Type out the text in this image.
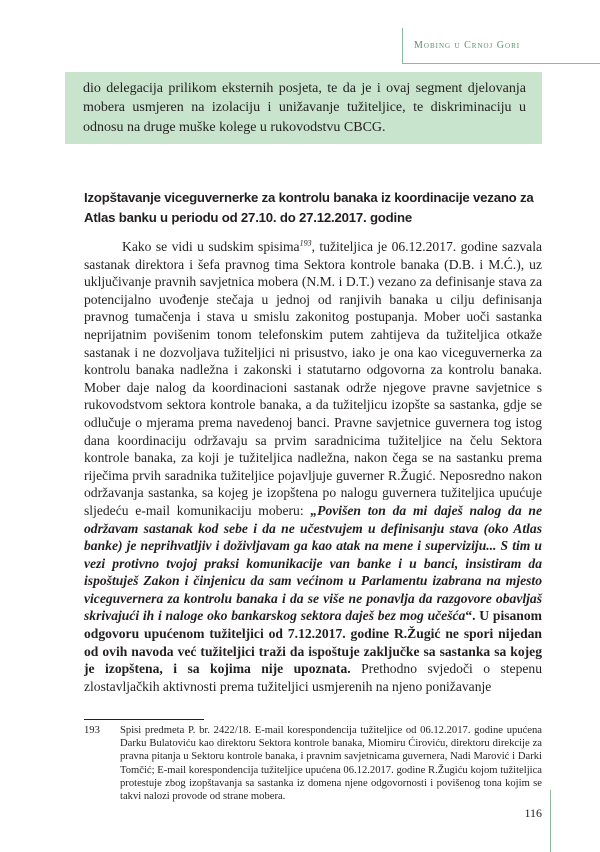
Mobing u Crnoj Gori
dio delegacija prilikom eksternih posjeta, te da je i ovaj segment djelovanja mobera usmjeren na izolaciju i unižavanje tužiteljice, te diskriminaciju u odnosu na druge muške kolege u rukovodstvu CBCG.
Izopštavanje viceguvernerke za kontrolu banaka iz koordinacije vezano za Atlas banku u periodu od 27.10. do 27.12.2017. godine

Kako se vidi u sudskim spisima$^{193}$, tužiteljica je 06.12.2017. godine sazvala sastanak direktora i šefa pravnog tima Sektora kontrole banaka (D.B. i M.Ć.), uz uključivanje pravnih savjetnica mobera (N.M. i D.T.) vezano za definisanje stava za potencijalno uvođenje stečaja u jednoj od ranjivih banaka u cilju definisanja pravnog tumačenja i stava u smislu zakonitog postupanja. Mober uoči sastanka neprijatnim povišenim tonom telefonskim putem zahtijeva da tužiteljica otkaže sastanak i ne dozvoljava tužiteljici ni prisustvo, iako je ona kao viceguvernerka za kontrolu banaka nadležna i zakonski i statutarno odgovorna za kontrolu banaka. Mober daje nalog da koordinacioni sastanak održe njegove pravne savjetnice s rukovodstvom sektora kontrole banaka, a da tužiteljicu izopšte sa sastanka, gdje se odlučuje o mjerama prema navedenoj banci. Pravne savjetnice guvernera tog istog dana koordinaciju održavaju sa prvim saradnicima tužiteljice na čelu Sektora kontrole banaka, za koji je tužiteljica nadležna, nakon čega se na sastanku prema riječima prvih saradnika tužiteljice pojavljuje guverner R.Žugić. Neposredno nakon održavanja sastanka, sa kojeg je izopštena po nalogu guvernera tužiteljica upućuje sljedeću e-mail komunikaciju moberu: „Povišen ton da mi daješ nalog da ne održavam sastanak kod sebe i da ne učestvujem u definisanju stava (oko Atlas banke) je neprihvatljiv i doživljavam ga kao atak na mene i superviziju... S tim u vezi protivno tvojoj praksi komunikacije van banke i u banci, insistiram da ispoštuješ Zakon i činjenicu da sam većinom u Parlamentu izabrana na mjesto viceguvernera za kontrolu banaka i da se više ne ponavlja da razgovore obavljaš skrivajući ih i naloge oko bankarskog sektora daješ bez mog učešća“. U pisanom odgovoru upućenom tužiteljici od 7.12.2017. godine R.Žugić ne spori nijedan od ovih navoda već tužiteljici traži da ispoštuje zaključke sa sastanka sa kojeg je izopštena, i sa kojima nije upoznata. Prethodno svjedoči o stepenu zlostavljačkih aktivnosti prema tužiteljici usmjerenih na njeno ponižavanje

193 Spisi predmeta P. br. 2422/18. E-mail korespondencija tužiteljice od 06.12.2017. godine upućena Darku Bulatoviću kao direktoru Sektora kontrole banaka, Miomiru Ćiroviću, direktoru direkcije za pravna pitanja u Sektoru kontrole banaka, i pravnim savjetnicama guvernera, Nadi Marović i Darki Tomčić; E-mail korespondencija tužiteljice upućena 06.12.2017. godine R.Žugiću kojom tužiteljica protestuje zbog izopštavanja sa sastanka iz domena njene odgovornosti i povišenog tona kojim se takvi nalozi provode od strane mobera.
116
